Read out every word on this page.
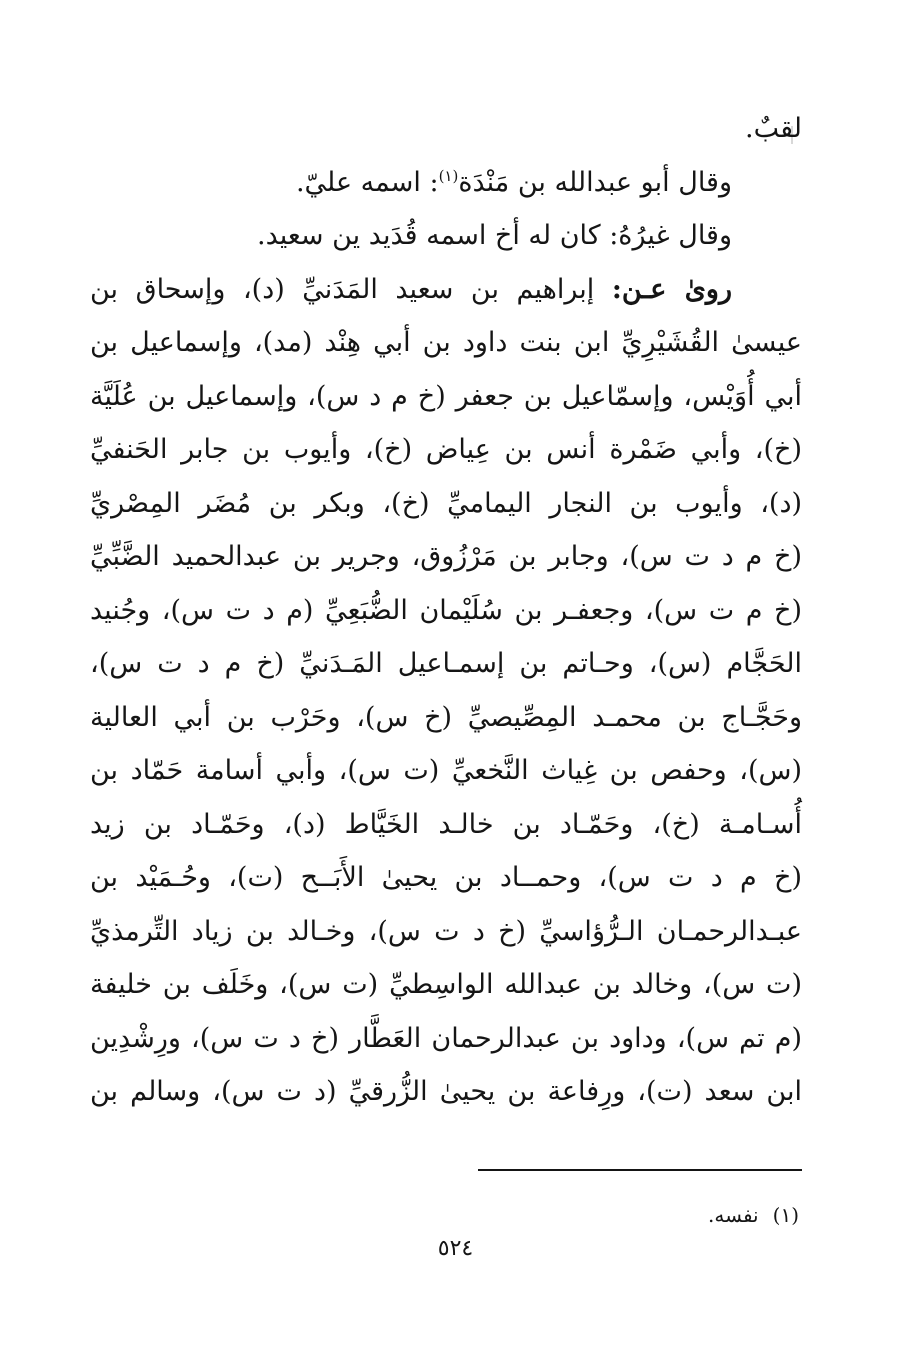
لقبٌ.
وقال أبو عبدالله بن مَنْدَة$^{(١)}$: اسمه عليّ.
وقال غيرُهُ: كان له أخ اسمه قُدَيد ين سعيد.
روىٰ عـن: إبراهيم بن سعيد المَدَنيِّ (د)، وإسحاق بن
عيسىٰ القُشَيْرِيِّ ابن بنت داود بن أبي هِنْد (مد)، وإسماعيل بن
أبي أُوَيْس، وإسمّاعيل بن جعفر (خ م د س)، وإسماعيل بن عُلَيَّة
(خ)، وأبي ضَمْرة أنس بن عِياض (خ)، وأيوب بن جابر الحَنفيِّ
(د)، وأيوب بن النجار اليماميِّ (خ)، وبكر بن مُضَر المِصْريِّ
(خ م د ت س)، وجابر بن مَرْزُوق، وجرير بن عبدالحميد الضَّبِّيِّ
(خ م ت س)، وجعفـر بن سُلَيْمان الضُّبَعِيِّ (م د ت س)، وجُنيد
الحَجَّام (س)، وحـاتم بن إسمـاعيل المَـدَنيِّ (خ م د ت س)،
وحَجَّـاج بن محمـد المِصِّيصيِّ (خ س)، وحَرْب بن أبي العالية
(س)، وحفص بن غِياث النَّخعيِّ (ت س)، وأبي أسامة حَمّاد بن
أُسـامـة (خ)، وحَمّـاد بن خالـد الخَيَّاط (د)، وحَمّـاد بن زيد
(خ م د ت س)، وحمــاد بن يحيىٰ الأَبَــح (ت)، وحُـمَيْد بن
عبـدالرحمـان الـرُّؤاسيِّ (خ د ت س)، وخـالد بن زياد التِّرمذيِّ
(ت س)، وخالد بن عبدالله الواسِطيِّ (ت س)، وخَلَف بن خليفة
(م تم س)، وداود بن عبدالرحمان العَطَّار (خ د ت س)، ورِشْدِين
ابن سعد (ت)، ورِفاعة بن يحيىٰ الزُّرقيِّ (د ت س)، وسالم بن
(١)نفسه.
٥٢٤
